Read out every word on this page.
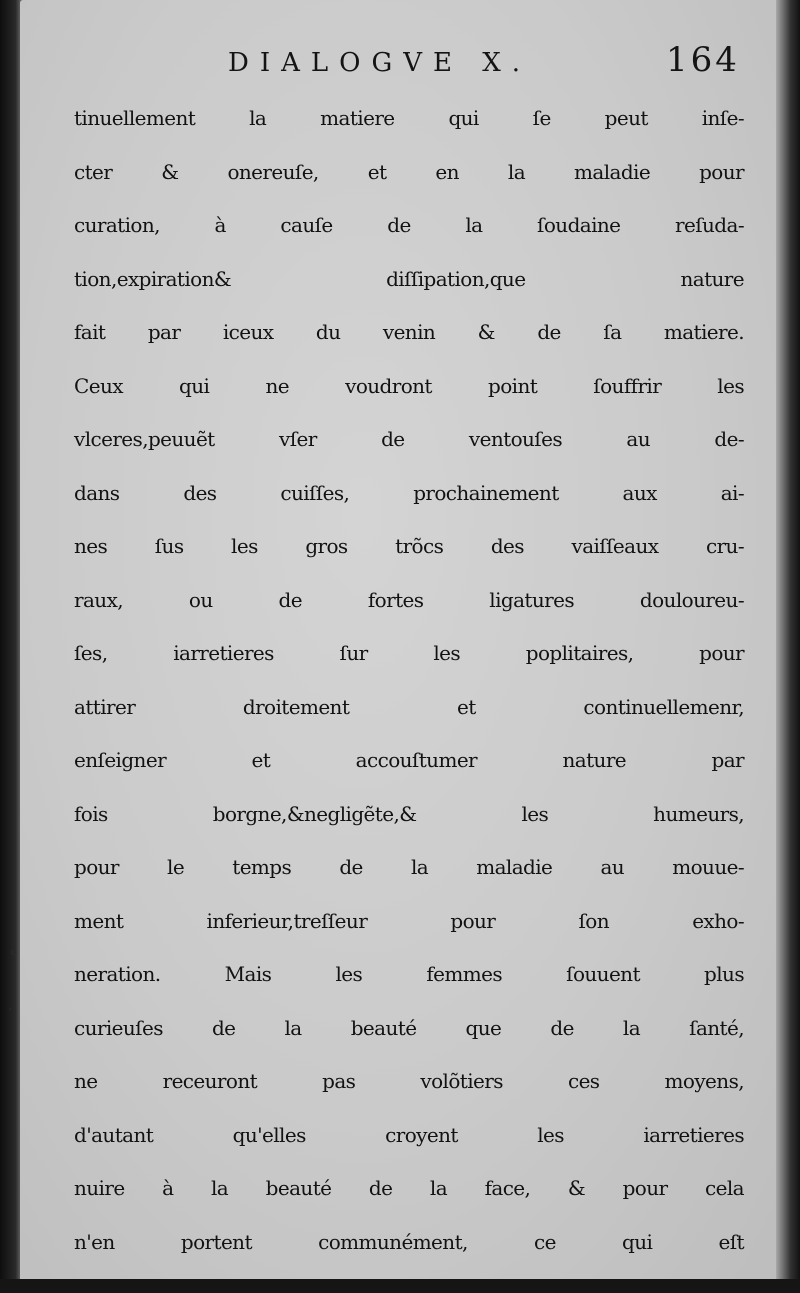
DIALOGVE X.	164
tinuellement la matiere qui ſe peut inſe-
cter & onereuſe, et en la maladie pour
curation, à cauſe de la ſoudaine reſuda-
tion,expiration& diſſipation,que nature
fait par iceux du venin & de ſa matiere.
Ceux qui ne voudront point ſouffrir les
vlceres,peuuẽt vſer de ventouſes au de-
dans des cuiſſes, prochainement aux ai-
nes ſus les gros trõcs des vaiſſeaux cru-
raux, ou de fortes ligatures douloureu-
ſes, iarretieres ſur les poplitaires, pour
attirer droitement et continuellemenr,
enſeigner et accouſtumer nature par
fois borgne,&negligẽte,& les humeurs,
pour le temps de la maladie au mouue-
ment inferieur,treſſeur pour ſon exho-
neration. Mais les femmes ſouuent plus
curieuſes de la beauté que de la ſanté,
ne receuront pas volõtiers ces moyens,
d'autant qu'elles croyent les iarretieres
nuire à la beauté de la face, & pour cela
n'en portent communément, ce qui eſt
∘
·
